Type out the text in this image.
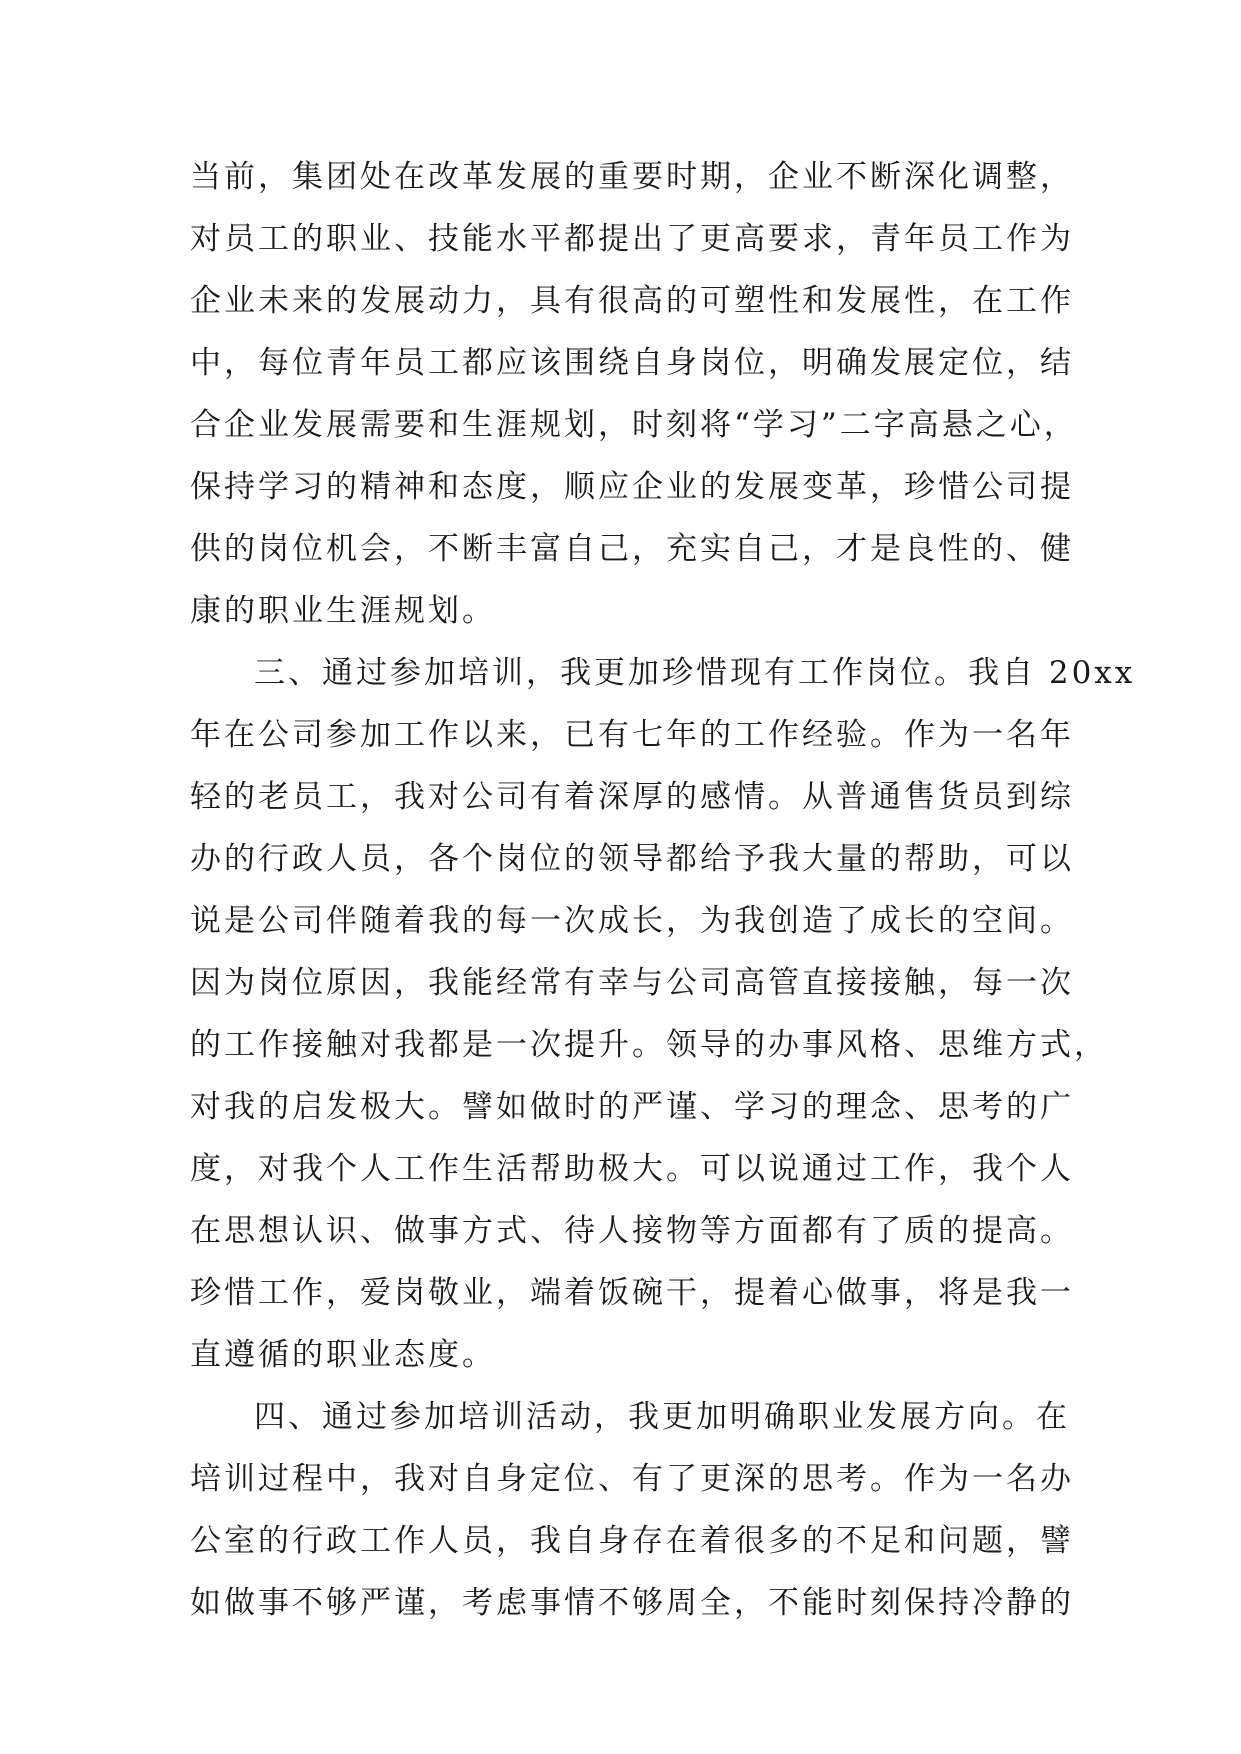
当前，集团处在改革发展的重要时期，企业不断深化调整，
对员工的职业、技能水平都提出了更高要求，青年员工作为
企业未来的发展动力，具有很高的可塑性和发展性，在工作
中，每位青年员工都应该围绕自身岗位，明确发展定位，结
合企业发展需要和生涯规划，时刻将“学习”二字高悬之心，
保持学习的精神和态度，顺应企业的发展变革，珍惜公司提
供的岗位机会，不断丰富自己，充实自己，才是良性的、健
康的职业生涯规划。
三、通过参加培训，我更加珍惜现有工作岗位。我自 20xx
年在公司参加工作以来，已有七年的工作经验。作为一名年
轻的老员工，我对公司有着深厚的感情。从普通售货员到综
办的行政人员，各个岗位的领导都给予我大量的帮助，可以
说是公司伴随着我的每一次成长，为我创造了成长的空间。
因为岗位原因，我能经常有幸与公司高管直接接触，每一次
的工作接触对我都是一次提升。领导的办事风格、思维方式，
对我的启发极大。譬如做时的严谨、学习的理念、思考的广
度，对我个人工作生活帮助极大。可以说通过工作，我个人
在思想认识、做事方式、待人接物等方面都有了质的提高。
珍惜工作，爱岗敬业，端着饭碗干，提着心做事，将是我一
直遵循的职业态度。
四、通过参加培训活动，我更加明确职业发展方向。在
培训过程中，我对自身定位、有了更深的思考。作为一名办
公室的行政工作人员，我自身存在着很多的不足和问题，譬
如做事不够严谨，考虑事情不够周全，不能时刻保持冷静的
